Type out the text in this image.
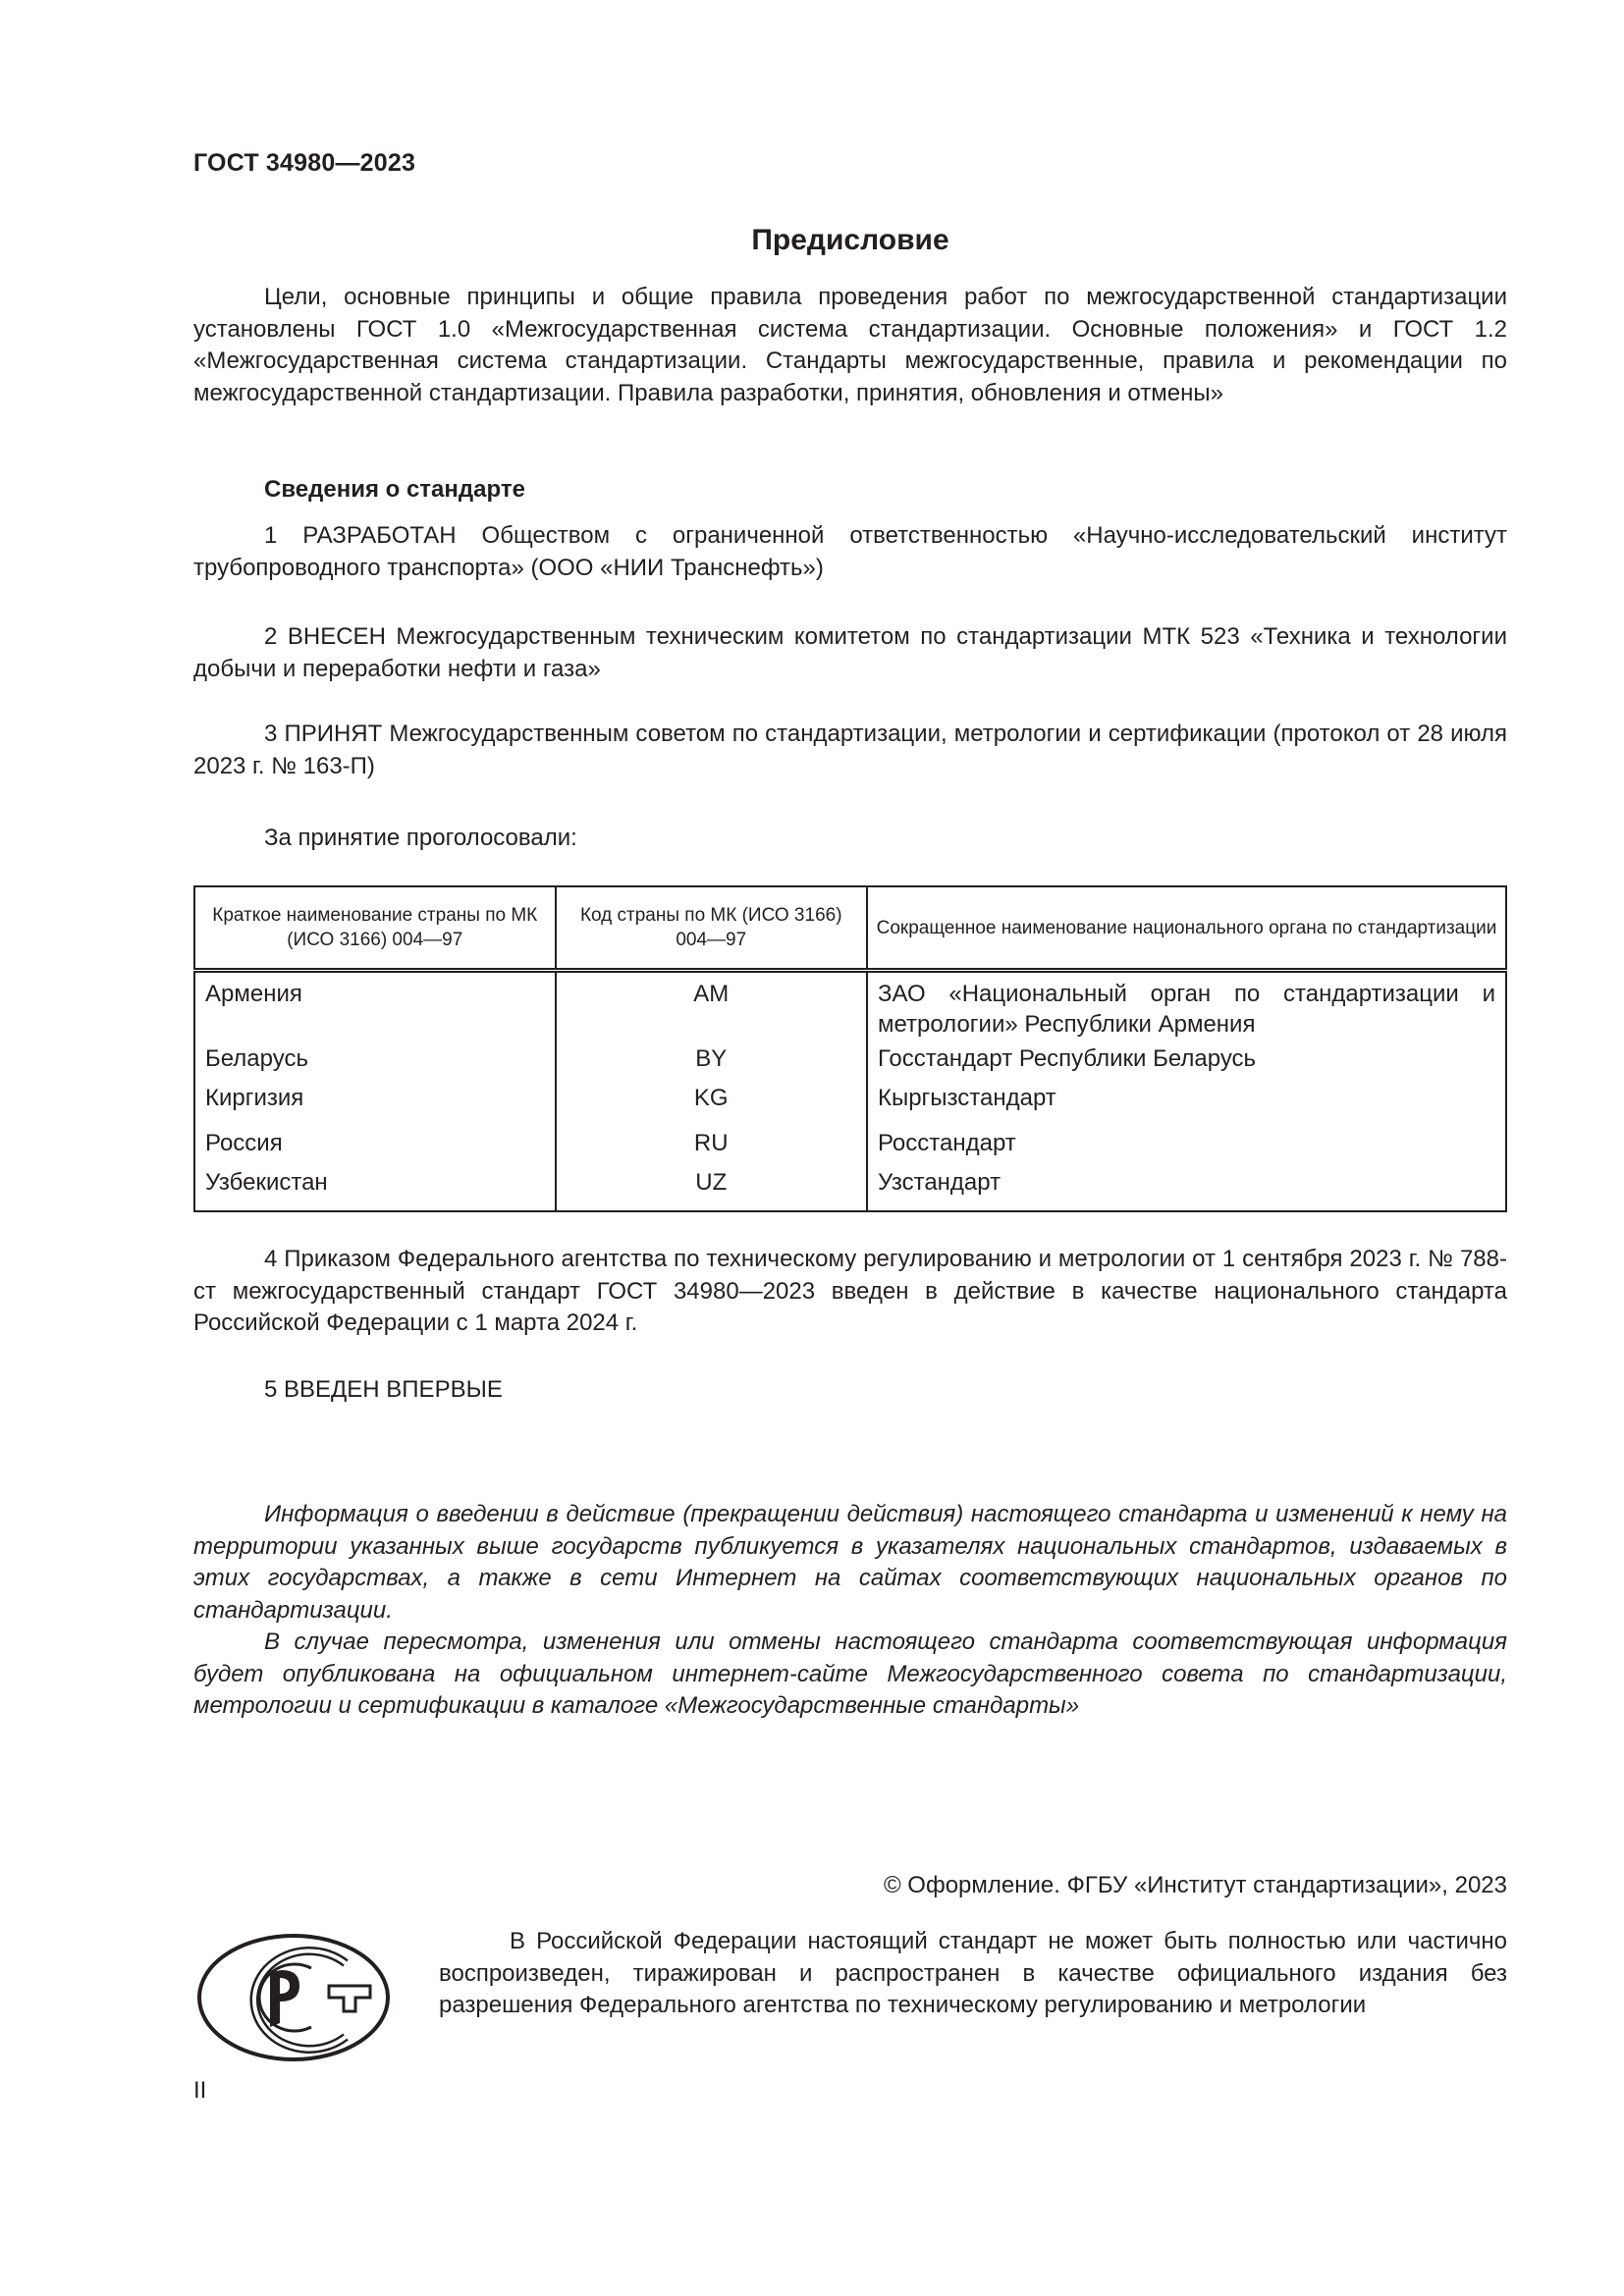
ГОСТ 34980—2023
Предисловие

Цели, основные принципы и общие правила проведения работ по межгосударственной стандартизации установлены ГОСТ 1.0 «Межгосударственная система стандартизации. Основные положения» и ГОСТ 1.2 «Межгосударственная система стандартизации. Стандарты межгосударственные, правила и рекомендации по межгосударственной стандартизации. Правила разработки, принятия, обновления и отмены»

Сведения о стандарте

1 РАЗРАБОТАН Обществом с ограниченной ответственностью «Научно-исследовательский институт трубопроводного транспорта» (ООО «НИИ Транснефть»)

2 ВНЕСЕН Межгосударственным техническим комитетом по стандартизации МТК 523 «Техника и технологии добычи и переработки нефти и газа»

3 ПРИНЯТ Межгосударственным советом по стандартизации, метрологии и сертификации (протокол от 28 июля 2023 г. № 163-П)

За принятие проголосовали:
Краткое наименование страны по МК (ИСО 3166) 004—97	Код страны по МК (ИСО 3166) 004—97	Сокращенное наименование национального органа по стандартизации
Армения	AM	ЗАО «Национальный орган по стандартизации и метрологии» Республики Армения
Беларусь	BY	Госстандарт Республики Беларусь
Киргизия	KG	Кыргызстандарт
Россия	RU	Росстандарт
Узбекистан	UZ	Узстандарт

4 Приказом Федерального агентства по техническому регулированию и метрологии от 1 сентября 2023 г. № 788-ст межгосударственный стандарт ГОСТ 34980—2023 введен в действие в качестве национального стандарта Российской Федерации с 1 марта 2024 г.

5 ВВЕДЕН ВПЕРВЫЕ

Информация о введении в действие (прекращении действия) настоящего стандарта и изменений к нему на территории указанных выше государств публикуется в указателях национальных стандартов, издаваемых в этих государствах, а также в сети Интернет на сайтах соответствующих национальных органов по стандартизации.

В случае пересмотра, изменения или отмены настоящего стандарта соответствующая информация будет опубликована на официальном интернет-сайте Межгосударственного совета по стандартизации, метрологии и сертификации в каталоге «Межгосударственные стандарты»

© Оформление. ФГБУ «Институт стандартизации», 2023

В Российской Федерации настоящий стандарт не может быть полностью или частично воспроизведен, тиражирован и распространен в качестве официального издания без разрешения Федерального агентства по техническому регулированию и метрологии

II
